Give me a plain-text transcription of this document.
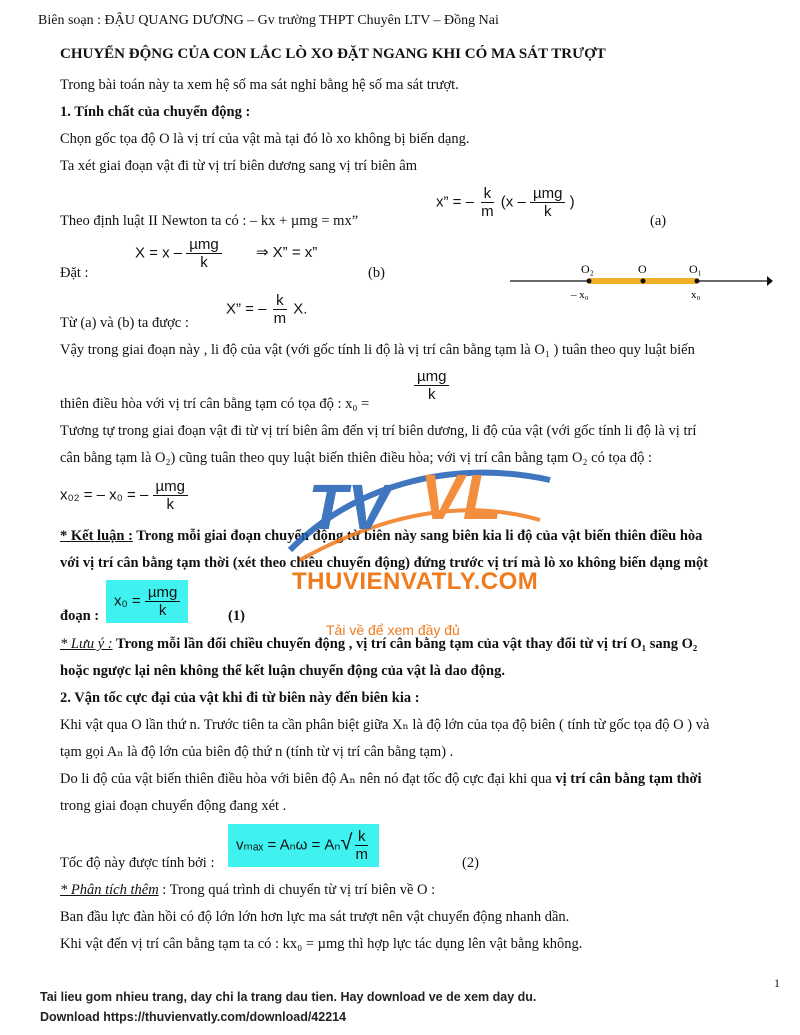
Biên soạn : ĐẬU QUANG DƯƠNG – Gv trường THPT Chuyên LTV – Đồng Nai
CHUYỂN ĐỘNG CỦA CON LẮC LÒ XO ĐẶT NGANG KHI CÓ MA SÁT TRƯỢT
Trong bài toán này ta xem hệ số ma sát nghỉ bằng hệ số ma sát trượt.
1. Tính chất của chuyển động :
Chọn gốc tọa độ O là vị trí của vật mà tại đó lò xo không bị biến dạng.
Ta xét giai đoạn vật đi từ vị trí biên dương sang vị trí biên âm
x” = – $\frac{k}{m} (x - \frac{\text{µmg}}{k}$ )
Theo định luật II Newton ta có : – kx + µmg = mx”	(a)
Đặt :
$X = x - \frac{\text{µmg}}{k}$ ⇒ X” = x”
(b)	O₂	O	O₁
– x₀	x₀
X” = – $\frac{k}{m} X$.
Từ (a) và (b) ta được :
Vậy trong giai đoạn này , li độ của vật (với gốc tính li độ là vị trí cân bằng tạm là O₁ ) tuân theo quy luật biến
$\frac{\text{µmg}}{k}$
thiên điều hòa với vị trí cân bằng tạm có tọa độ : x₀ =
Tương tự trong giai đoạn vật đi từ vị trí biên âm đến vị trí biên dương, li độ của vật (với gốc tính li độ là vị trí
cân bằng tạm là O₂) cũng tuân theo quy luật biến thiên điều hòa; với vị trí cân bằng tạm O₂ có tọa độ :
x₀₂ = – x₀ = – $\frac{\text{µmg}}{k}$
* Kết luận : Trong mỗi giai đoạn chuyển động từ biên này sang biên kia li độ của vật biến thiên điều hòa
với vị trí cân bằng tạm thời (xét theo chiều chuyển động) đứng trước vị trí mà lò xo không biến dạng một
đoạn :
$x_0 = \frac{\text{µmg}}{k}$	(1)
* Lưu ý : Trong mỗi lần đổi chiều chuyển động , vị trí cân bằng tạm của vật thay đổi từ vị trí O₁ sang O₂
hoặc ngược lại nên không thể kết luận chuyển động của vật là dao động.
2. Vận tốc cực đại của vật khi đi từ biên này đến biên kia :
Khi vật qua O lần thứ n. Trước tiên ta cần phân biệt giữa Xₙ là độ lớn của tọa độ biên ( tính từ gốc tọa độ O ) và
tạm gọi Aₙ là độ lớn của biên độ thứ n (tính từ vị trí cân bằng tạm) .
Do li độ của vật biến thiên điều hòa với biên độ Aₙ nên nó đạt tốc độ cực đại khi qua vị trí cân bằng tạm thời
trong giai đoạn chuyển động đang xét .
$v_{max} = A_n\omega = A_n√ \frac{k}{m}$
Tốc độ này được tính bởi :	(2)
* Phân tích thêm : Trong quá trình di chuyển từ vị trí biên về O :
Ban đầu lực đàn hồi có độ lớn lớn hơn lực ma sát trượt nên vật chuyển động nhanh dần.
Khi vật đến vị trí cân bằng tạm ta có : kx₀ = µmg thì hợp lực tác dụng lên vật bằng không.
1
TV VL
THUVIENVATLY.COM
Tải về để xem đầy đủ
Tai lieu gom nhieu trang, day chi la trang dau tien. Hay download ve de xem day du.
Download https://thuvienvatly.com/download/42214
